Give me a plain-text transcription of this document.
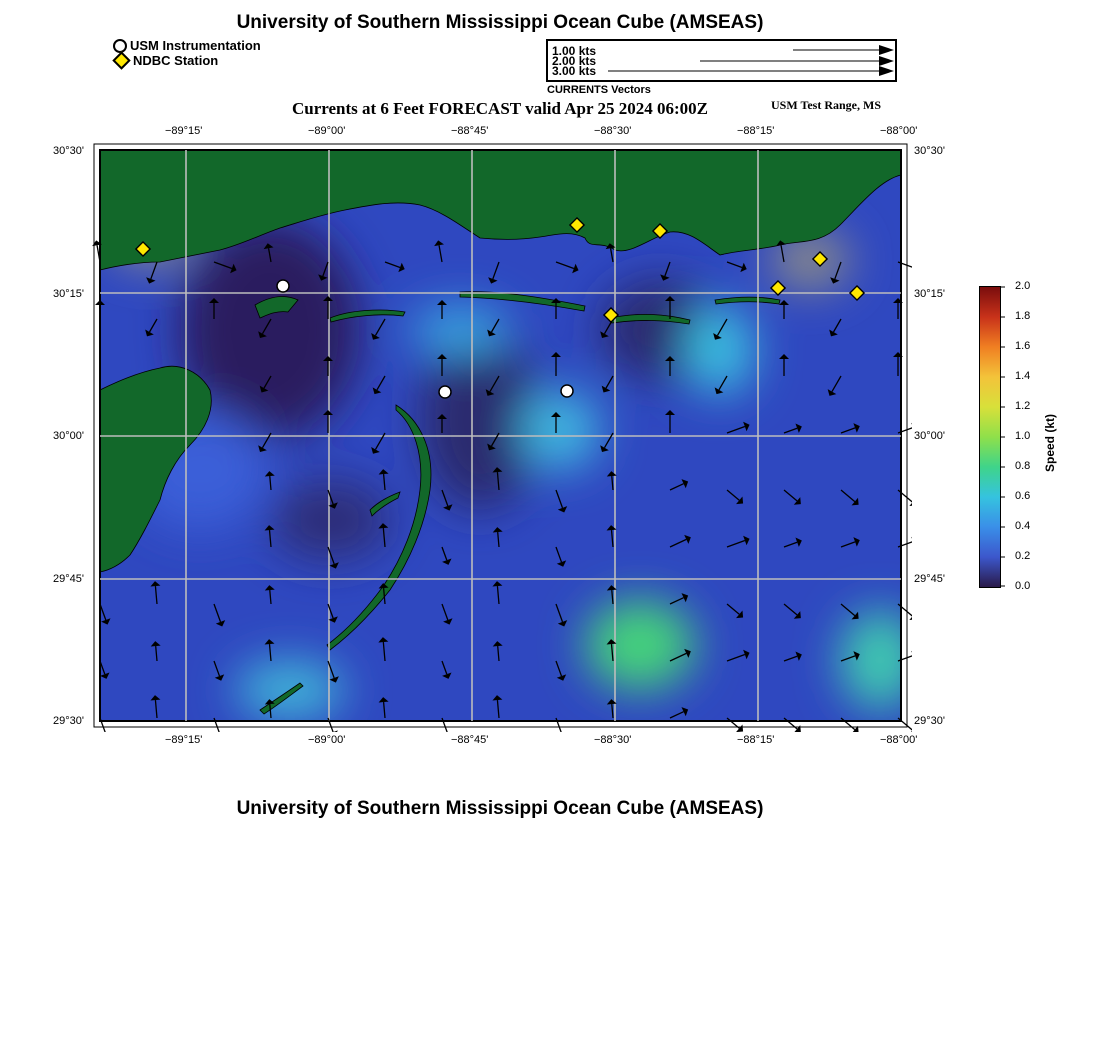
University of Southern Mississippi Ocean Cube (AMSEAS)
USM Instrumentation
NDBC Station
1.00 kts
2.00 kts
3.00 kts
CURRENTS Vectors
Currents at 6 Feet FORECAST valid Apr 25 2024 06:00Z	USM Test Range, MS
−89°15'	−89°00'	−88°45'	−88°30'	−88°15'	−88°00'
−89°15'	−89°00'	−88°45'	−88°30'	−88°15'	−88°00'
30°30'
30°15'
30°00'
29°45'
29°30'
30°30'
30°15'
30°00'
29°45'
29°30'
2.0
1.8
1.6
1.4
1.2
1.0
0.8
0.6
0.4
0.2
0.0
Speed (kt)
University of Southern Mississippi Ocean Cube (AMSEAS)
